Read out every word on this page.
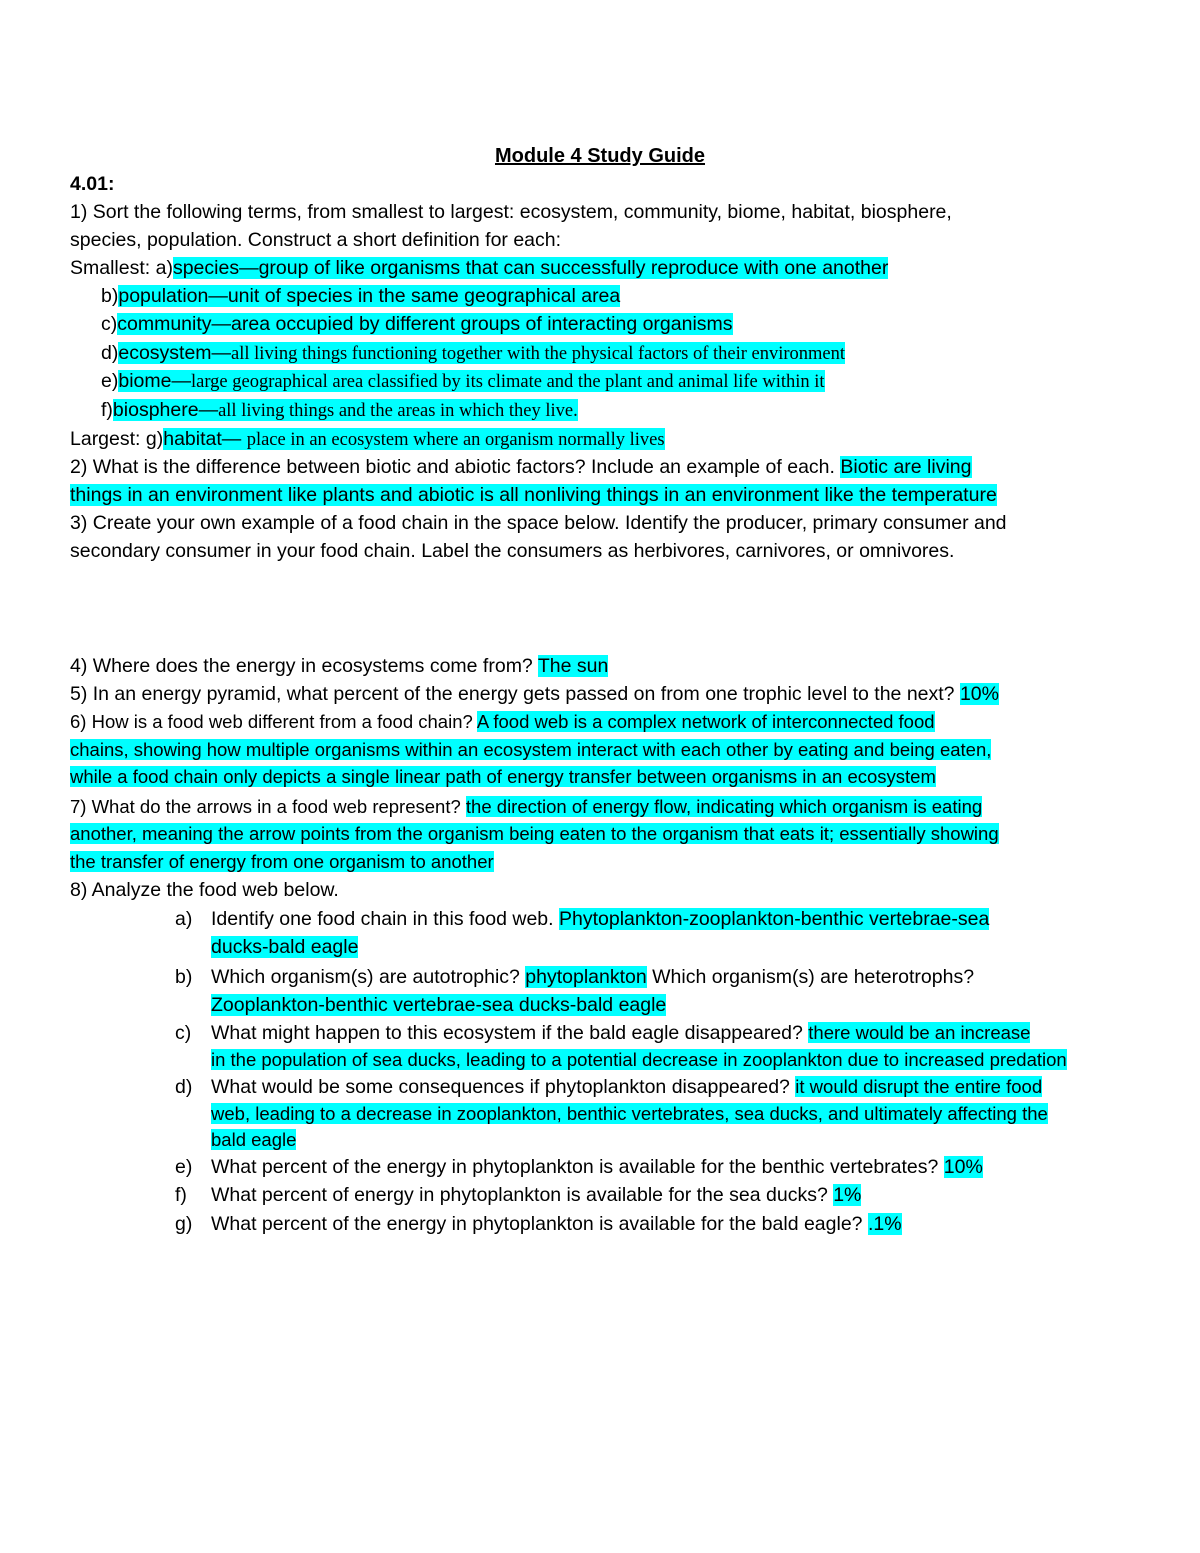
Module 4 Study Guide
4.01:
1) Sort the following terms, from smallest to largest: ecosystem, community, biome, habitat, biosphere,
species, population. Construct a short definition for each:
Smallest: a)species—group of like organisms that can successfully reproduce with one another
b)population—unit of species in the same geographical area
c)community—area occupied by different groups of interacting organisms
d)ecosystem—all living things functioning together with the physical factors of their environment
e)biome—large geographical area classified by its climate and the plant and animal life within it
f)biosphere—all living things and the areas in which they live.
Largest: g)habitat— place in an ecosystem where an organism normally lives
2) What is the difference between biotic and abiotic factors? Include an example of each. Biotic are living
things in an environment like plants and abiotic is all nonliving things in an environment like the temperature
3) Create your own example of a food chain in the space below. Identify the producer, primary consumer and
secondary consumer in your food chain. Label the consumers as herbivores, carnivores, or omnivores.
4) Where does the energy in ecosystems come from? The sun
5) In an energy pyramid, what percent of the energy gets passed on from one trophic level to the next? 10%
6) How is a food web different from a food chain? A food web is a complex network of interconnected food
chains, showing how multiple organisms within an ecosystem interact with each other by eating and being eaten,
while a food chain only depicts a single linear path of energy transfer between organisms in an ecosystem
7) What do the arrows in a food web represent? the direction of energy flow, indicating which organism is eating
another, meaning the arrow points from the organism being eaten to the organism that eats it; essentially showing
the transfer of energy from one organism to another
8) Analyze the food web below.
a) Identify one food chain in this food web. Phytoplankton-zooplankton-benthic vertebrae-sea
ducks-bald eagle
b) Which organism(s) are autotrophic? phytoplankton Which organism(s) are heterotrophs?
Zooplankton-benthic vertebrae-sea ducks-bald eagle
c) What might happen to this ecosystem if the bald eagle disappeared? there would be an increase
in the population of sea ducks, leading to a potential decrease in zooplankton due to increased predation
d) What would be some consequences if phytoplankton disappeared? it would disrupt the entire food
web, leading to a decrease in zooplankton, benthic vertebrates, sea ducks, and ultimately affecting the
bald eagle
e) What percent of the energy in phytoplankton is available for the benthic vertebrates? 10%
f) What percent of energy in phytoplankton is available for the sea ducks? 1%
g) What percent of the energy in phytoplankton is available for the bald eagle? .1%
